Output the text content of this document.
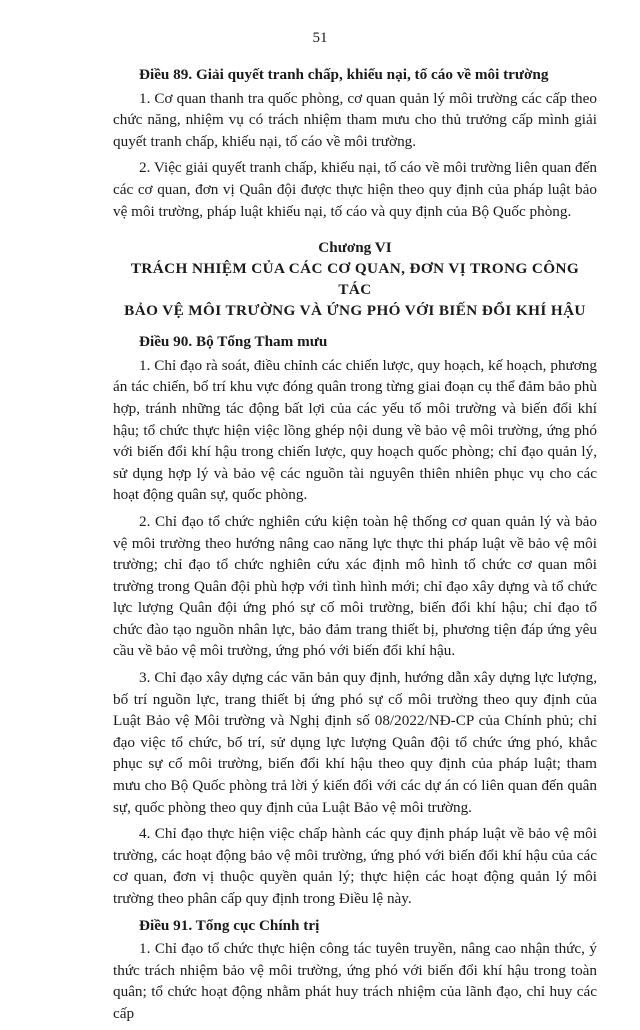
51

Điều 89. Giải quyết tranh chấp, khiếu nại, tố cáo về môi trường

1. Cơ quan thanh tra quốc phòng, cơ quan quản lý môi trường các cấp theo chức năng, nhiệm vụ có trách nhiệm tham mưu cho thủ trưởng cấp mình giải quyết tranh chấp, khiếu nại, tố cáo về môi trường.

2. Việc giải quyết tranh chấp, khiếu nại, tố cáo về môi trường liên quan đến các cơ quan, đơn vị Quân đội được thực hiện theo quy định của pháp luật bảo vệ môi trường, pháp luật khiếu nại, tố cáo và quy định của Bộ Quốc phòng.

Chương VI
TRÁCH NHIỆM CỦA CÁC CƠ QUAN, ĐƠN VỊ TRONG CÔNG TÁC
BẢO VỆ MÔI TRƯỜNG VÀ ỨNG PHÓ VỚI BIẾN ĐỔI KHÍ HẬU

Điều 90. Bộ Tổng Tham mưu

1. Chỉ đạo rà soát, điều chỉnh các chiến lược, quy hoạch, kế hoạch, phương án tác chiến, bố trí khu vực đóng quân trong từng giai đoạn cụ thể đảm bảo phù hợp, tránh những tác động bất lợi của các yếu tố môi trường và biến đổi khí hậu; tổ chức thực hiện việc lồng ghép nội dung về bảo vệ môi trường, ứng phó với biến đổi khí hậu trong chiến lược, quy hoạch quốc phòng; chỉ đạo quản lý, sử dụng hợp lý và bảo vệ các nguồn tài nguyên thiên nhiên phục vụ cho các hoạt động quân sự, quốc phòng.

2. Chỉ đạo tổ chức nghiên cứu kiện toàn hệ thống cơ quan quản lý và bảo vệ môi trường theo hướng nâng cao năng lực thực thi pháp luật về bảo vệ môi trường; chỉ đạo tổ chức nghiên cứu xác định mô hình tổ chức cơ quan môi trường trong Quân đội phù hợp với tình hình mới; chỉ đạo xây dựng và tổ chức lực lượng Quân đội ứng phó sự cố môi trường, biến đổi khí hậu; chỉ đạo tổ chức đào tạo nguồn nhân lực, bảo đảm trang thiết bị, phương tiện đáp ứng yêu cầu về bảo vệ môi trường, ứng phó với biến đổi khí hậu.

3. Chỉ đạo xây dựng các văn bản quy định, hướng dẫn xây dựng lực lượng, bố trí nguồn lực, trang thiết bị ứng phó sự cố môi trường theo quy định của Luật Bảo vệ Môi trường và Nghị định số 08/2022/NĐ-CP của Chính phủ; chỉ đạo việc tổ chức, bố trí, sử dụng lực lượng Quân đội tổ chức ứng phó, khắc phục sự cố môi trường, biến đổi khí hậu theo quy định của pháp luật; tham mưu cho Bộ Quốc phòng trả lời ý kiến đối với các dự án có liên quan đến quân sự, quốc phòng theo quy định của Luật Bảo vệ môi trường.

4. Chỉ đạo thực hiện việc chấp hành các quy định pháp luật về bảo vệ môi trường, các hoạt động bảo vệ môi trường, ứng phó với biến đổi khí hậu của các cơ quan, đơn vị thuộc quyền quản lý; thực hiện các hoạt động quản lý môi trường theo phân cấp quy định trong Điều lệ này.

Điều 91. Tổng cục Chính trị

1. Chỉ đạo tổ chức thực hiện công tác tuyên truyền, nâng cao nhận thức, ý thức trách nhiệm bảo vệ môi trường, ứng phó với biến đổi khí hậu trong toàn quân; tổ chức hoạt động nhằm phát huy trách nhiệm của lãnh đạo, chỉ huy các cấp
